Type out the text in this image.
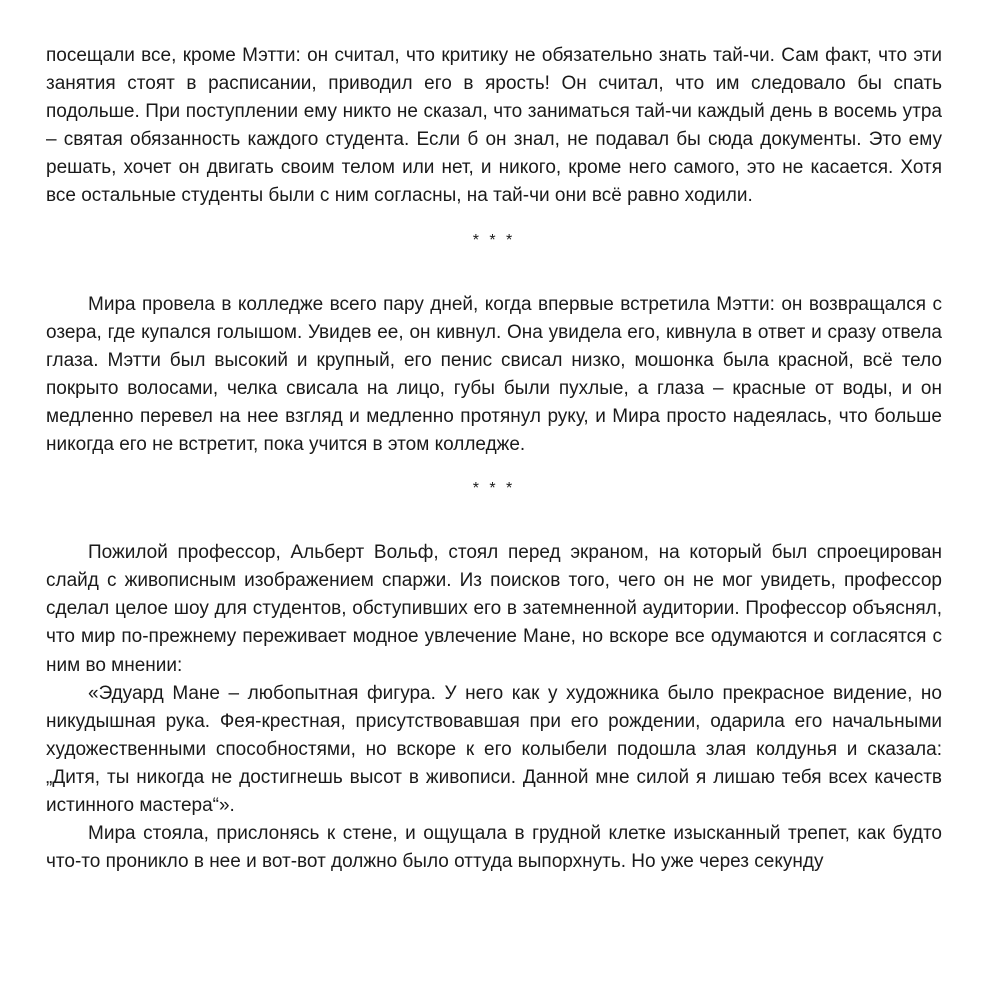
посещали все, кроме Мэтти: он считал, что критику не обязательно знать тай-чи. Сам факт, что эти занятия стоят в расписании, приводил его в ярость! Он считал, что им следовало бы спать подольше. При поступлении ему никто не сказал, что заниматься тай-чи каждый день в восемь утра – святая обязанность каждого студента. Если б он знал, не подавал бы сюда документы. Это ему решать, хочет он двигать своим телом или нет, и никого, кроме него самого, это не касается. Хотя все остальные студенты были с ним согласны, на тай-чи они всё равно ходили.

* * *

Мира провела в колледже всего пару дней, когда впервые встретила Мэтти: он возвращался с озера, где купался голышом. Увидев ее, он кивнул. Она увидела его, кивнула в ответ и сразу отвела глаза. Мэтти был высокий и крупный, его пенис свисал низко, мошонка была красной, всё тело покрыто волосами, челка свисала на лицо, губы были пухлые, а глаза – красные от воды, и он медленно перевел на нее взгляд и медленно протянул руку, и Мира просто надеялась, что больше никогда его не встретит, пока учится в этом колледже.

* * *

Пожилой профессор, Альберт Вольф, стоял перед экраном, на который был спроецирован слайд с живописным изображением спаржи. Из поисков того, чего он не мог увидеть, профессор сделал целое шоу для студентов, обступивших его в затемненной аудитории. Профессор объяснял, что мир по-прежнему переживает модное увлечение Мане, но вскоре все одумаются и согласятся с ним во мнении:

«Эдуард Мане – любопытная фигура. У него как у художника было прекрасное видение, но никудышная рука. Фея-крестная, присутствовавшая при его рождении, одарила его начальными художественными способностями, но вскоре к его колыбели подошла злая колдунья и сказала: „Дитя, ты никогда не достигнешь высот в живописи. Данной мне силой я лишаю тебя всех качеств истинного мастера“».

Мира стояла, прислонясь к стене, и ощущала в грудной клетке изысканный трепет, как будто что-то проникло в нее и вот-вот должно было оттуда выпорхнуть. Но уже через секунду
